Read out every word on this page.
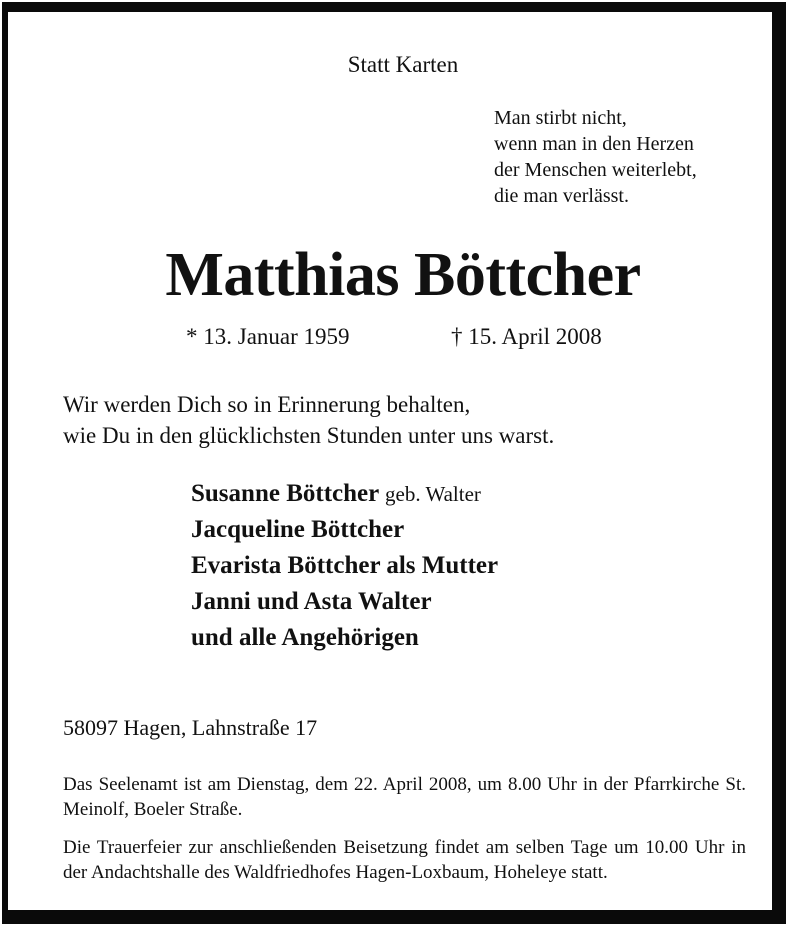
Statt Karten
Man stirbt nicht,
wenn man in den Herzen
der Menschen weiterlebt,
die man verlässt.
Matthias Böttcher
* 13. Januar 1959	† 15. April 2008
Wir werden Dich so in Erinnerung behalten,
wie Du in den glücklichsten Stunden unter uns warst.
Susanne Böttcher geb. Walter
Jacqueline Böttcher
Evarista Böttcher als Mutter
Janni und Asta Walter
und alle Angehörigen
58097 Hagen, Lahnstraße 17
Das Seelenamt ist am Dienstag, dem 22. April 2008, um 8.00 Uhr in der Pfarrkirche St. Meinolf, Boeler Straße.
Die Trauerfeier zur anschließenden Beisetzung findet am selben Tage um 10.00 Uhr in der Andachtshalle des Waldfriedhofes Hagen-Loxbaum, Hoheleye statt.
